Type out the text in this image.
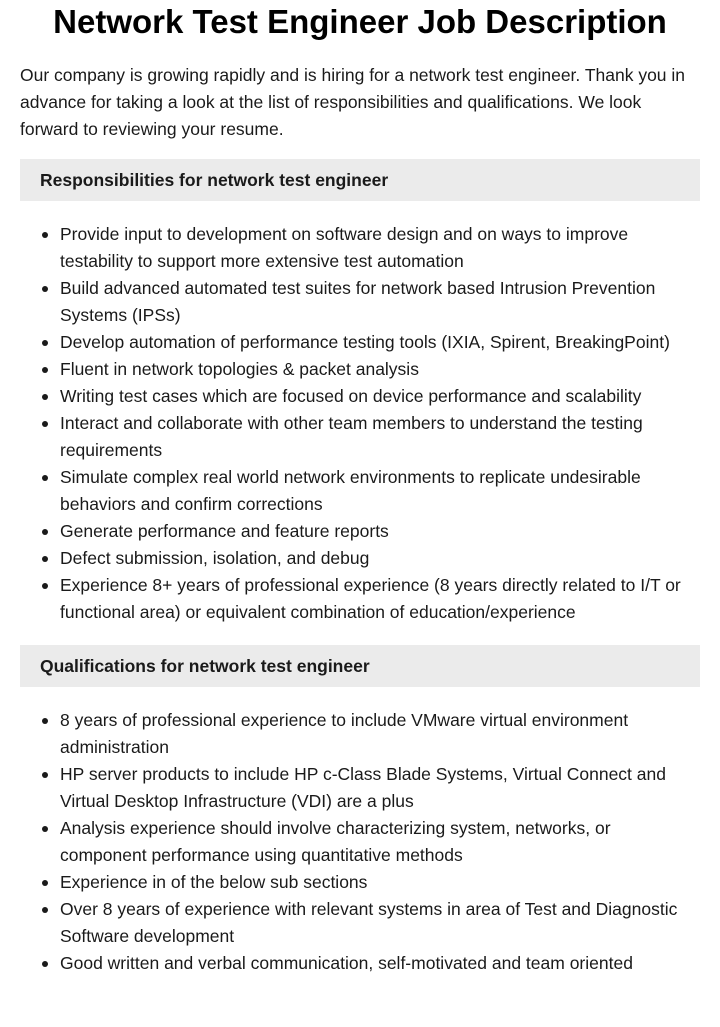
Network Test Engineer Job Description

Our company is growing rapidly and is hiring for a network test engineer. Thank you in advance for taking a look at the list of responsibilities and qualifications. We look forward to reviewing your resume.

Responsibilities for network test engineer
Provide input to development on software design and on ways to improve testability to support more extensive test automation
Build advanced automated test suites for network based Intrusion Prevention Systems (IPSs)
Develop automation of performance testing tools (IXIA, Spirent, BreakingPoint)
Fluent in network topologies & packet analysis
Writing test cases which are focused on device performance and scalability
Interact and collaborate with other team members to understand the testing requirements
Simulate complex real world network environments to replicate undesirable behaviors and confirm corrections
Generate performance and feature reports
Defect submission, isolation, and debug
Experience 8+ years of professional experience (8 years directly related to I/T or functional area) or equivalent combination of education/experience
Qualifications for network test engineer
8 years of professional experience to include VMware virtual environment administration
HP server products to include HP c-Class Blade Systems, Virtual Connect and Virtual Desktop Infrastructure (VDI) are a plus
Analysis experience should involve characterizing system, networks, or component performance using quantitative methods
Experience in of the below sub sections
Over 8 years of experience with relevant systems in area of Test and Diagnostic Software development
Good written and verbal communication, self-motivated and team oriented
